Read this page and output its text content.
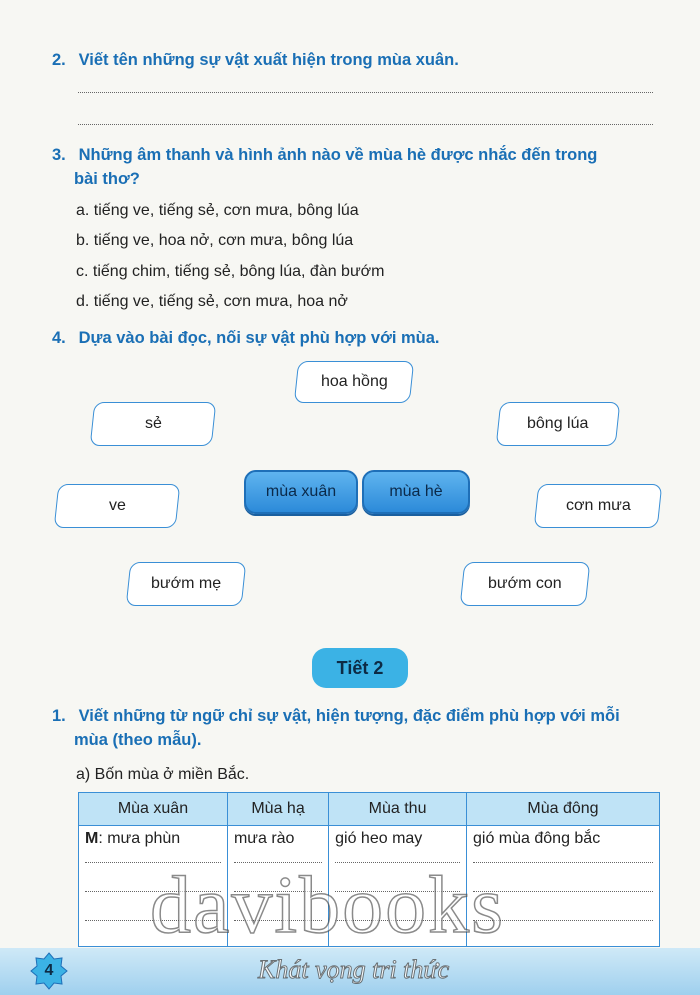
2. Viết tên những sự vật xuất hiện trong mùa xuân.
3. Những âm thanh và hình ảnh nào về mùa hè được nhắc đến trong
bài thơ?
a. tiếng ve, tiếng sẻ, cơn mưa, bông lúa
b. tiếng ve, hoa nở, cơn mưa, bông lúa
c. tiếng chim, tiếng sẻ, bông lúa, đàn bướm
d. tiếng ve, tiếng sẻ, cơn mưa, hoa nở
4. Dựa vào bài đọc, nối sự vật phù hợp với mùa.
hoa hồng
sẻ	bông lúa
ve	cơn mưa
bướm mẹ	bướm con
mùa xuân	mùa hè
Tiết 2
1. Viết những từ ngữ chỉ sự vật, hiện tượng, đặc điểm phù hợp với mỗi
mùa (theo mẫu).
a) Bốn mùa ở miền Bắc.
Mùa xuân	Mùa hạ	Mùa thu	Mùa đông
M: mưa phùn	mưa rào	gió heo may	gió mùa đông bắc
4
davibooks
Khát vọng tri thức
